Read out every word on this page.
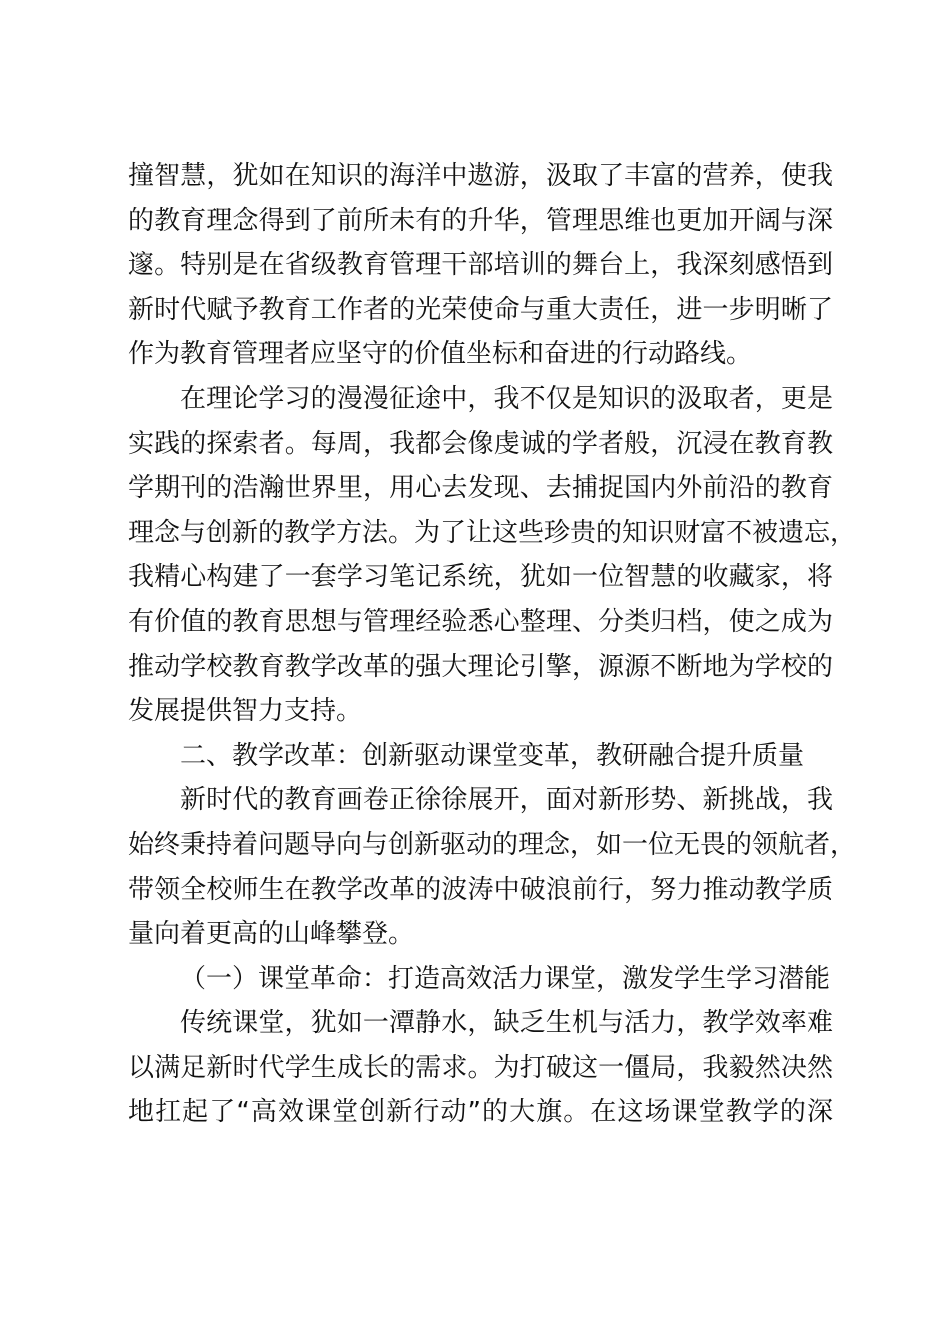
撞智慧，犹如在知识的海洋中遨游，汲取了丰富的营养，使我
的教育理念得到了前所未有的升华，管理思维也更加开阔与深
邃。特别是在省级教育管理干部培训的舞台上，我深刻感悟到
新时代赋予教育工作者的光荣使命与重大责任，进一步明晰了
作为教育管理者应坚守的价值坐标和奋进的行动路线。
在理论学习的漫漫征途中，我不仅是知识的汲取者，更是
实践的探索者。每周，我都会像虔诚的学者般，沉浸在教育教
学期刊的浩瀚世界里，用心去发现、去捕捉国内外前沿的教育
理念与创新的教学方法。为了让这些珍贵的知识财富不被遗忘，
我精心构建了一套学习笔记系统，犹如一位智慧的收藏家，将
有价值的教育思想与管理经验悉心整理、分类归档，使之成为
推动学校教育教学改革的强大理论引擎，源源不断地为学校的
发展提供智力支持。
二、教学改革：创新驱动课堂变革，教研融合提升质量
新时代的教育画卷正徐徐展开，面对新形势、新挑战，我
始终秉持着问题导向与创新驱动的理念，如一位无畏的领航者，
带领全校师生在教学改革的波涛中破浪前行，努力推动教学质
量向着更高的山峰攀登。
（一）课堂革命：打造高效活力课堂，激发学生学习潜能
传统课堂，犹如一潭静水，缺乏生机与活力，教学效率难
以满足新时代学生成长的需求。为打破这一僵局，我毅然决然
地扛起了“高效课堂创新行动”的大旗。在这场课堂教学的深
